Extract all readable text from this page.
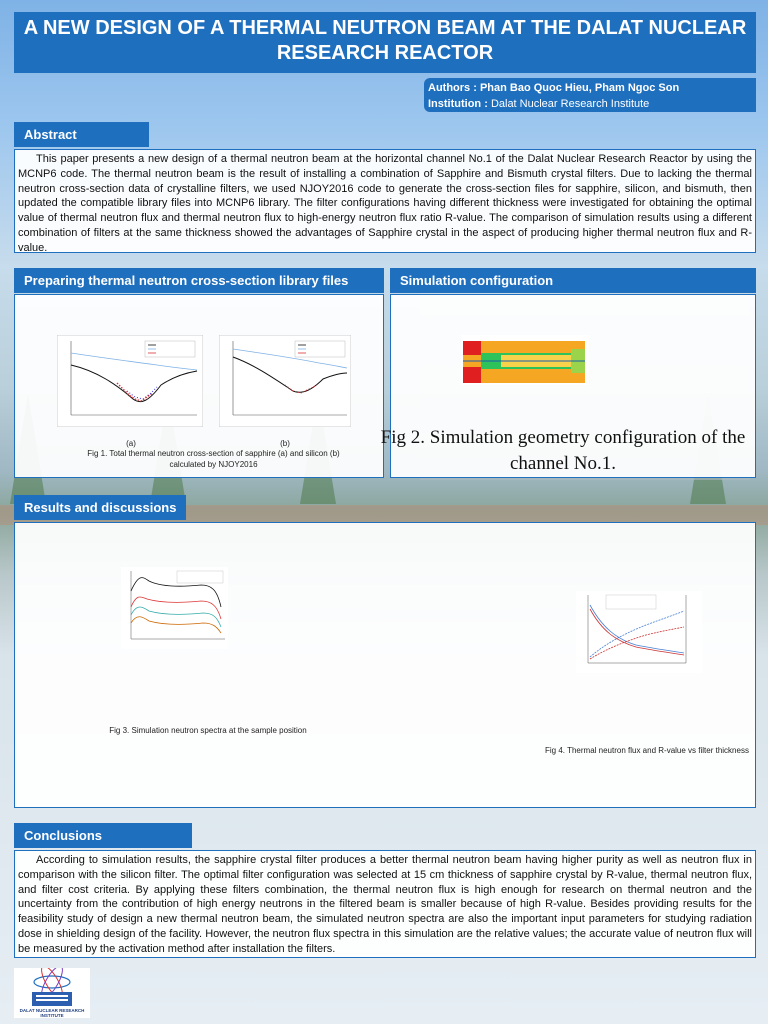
A NEW DESIGN OF A THERMAL NEUTRON BEAM AT THE DALAT NUCLEAR RESEARCH REACTOR
Authors : Phan Bao Quoc Hieu, Pham Ngoc Son
Institution : Dalat Nuclear Research Institute
Abstract
This paper presents a new design of a thermal neutron beam at the horizontal channel No.1 of the Dalat Nuclear Research Reactor by using the MCNP6 code. The thermal neutron beam is the result of installing a combination of Sapphire and Bismuth crystal filters. Due to lacking the thermal neutron cross-section data of crystalline filters, we used NJOY2016 code to generate the cross-section files for sapphire, silicon, and bismuth, then updated the compatible library files into MCNP6 library. The filter configurations having different thickness were investigated for obtaining the optimal value of thermal neutron flux and thermal neutron flux to high-energy neutron flux ratio R-value. The comparison of simulation results using a different combination of filters at the same thickness showed the advantages of Sapphire crystal in the aspect of producing higher thermal neutron flux and R-value.
Preparing thermal neutron cross-section library files
(a)	(b)
Fig 1. Total thermal neutron cross-section of sapphire (a) and silicon (b) calculated by NJOY2016
Simulation configuration
Fig 2. Simulation geometry configuration of the channel No.1.
Results and discussions
Fig 3. Simulation neutron spectra at the sample position
Fig 4. Thermal neutron flux and R-value vs filter thickness
Conclusions
According to simulation results, the sapphire crystal filter produces a better thermal neutron beam having higher purity as well as neutron flux in comparison with the silicon filter. The optimal filter configuration was selected at 15 cm thickness of sapphire crystal by R-value, thermal neutron flux, and filter cost criteria. By applying these filters combination, the thermal neutron flux is high enough for research on thermal neutron and the uncertainty from the contribution of high energy neutrons in the filtered beam is smaller because of high R-value. Besides providing results for the feasibility study of design a new thermal neutron beam, the simulated neutron spectra are also the important input parameters for studying radiation dose in shielding design of the facility. However, the neutron flux spectra in this simulation are the relative values; the accurate value of neutron flux will be measured by the activation method after installation the filters.
DALAT NUCLEAR RESEARCH INSTITUTE
